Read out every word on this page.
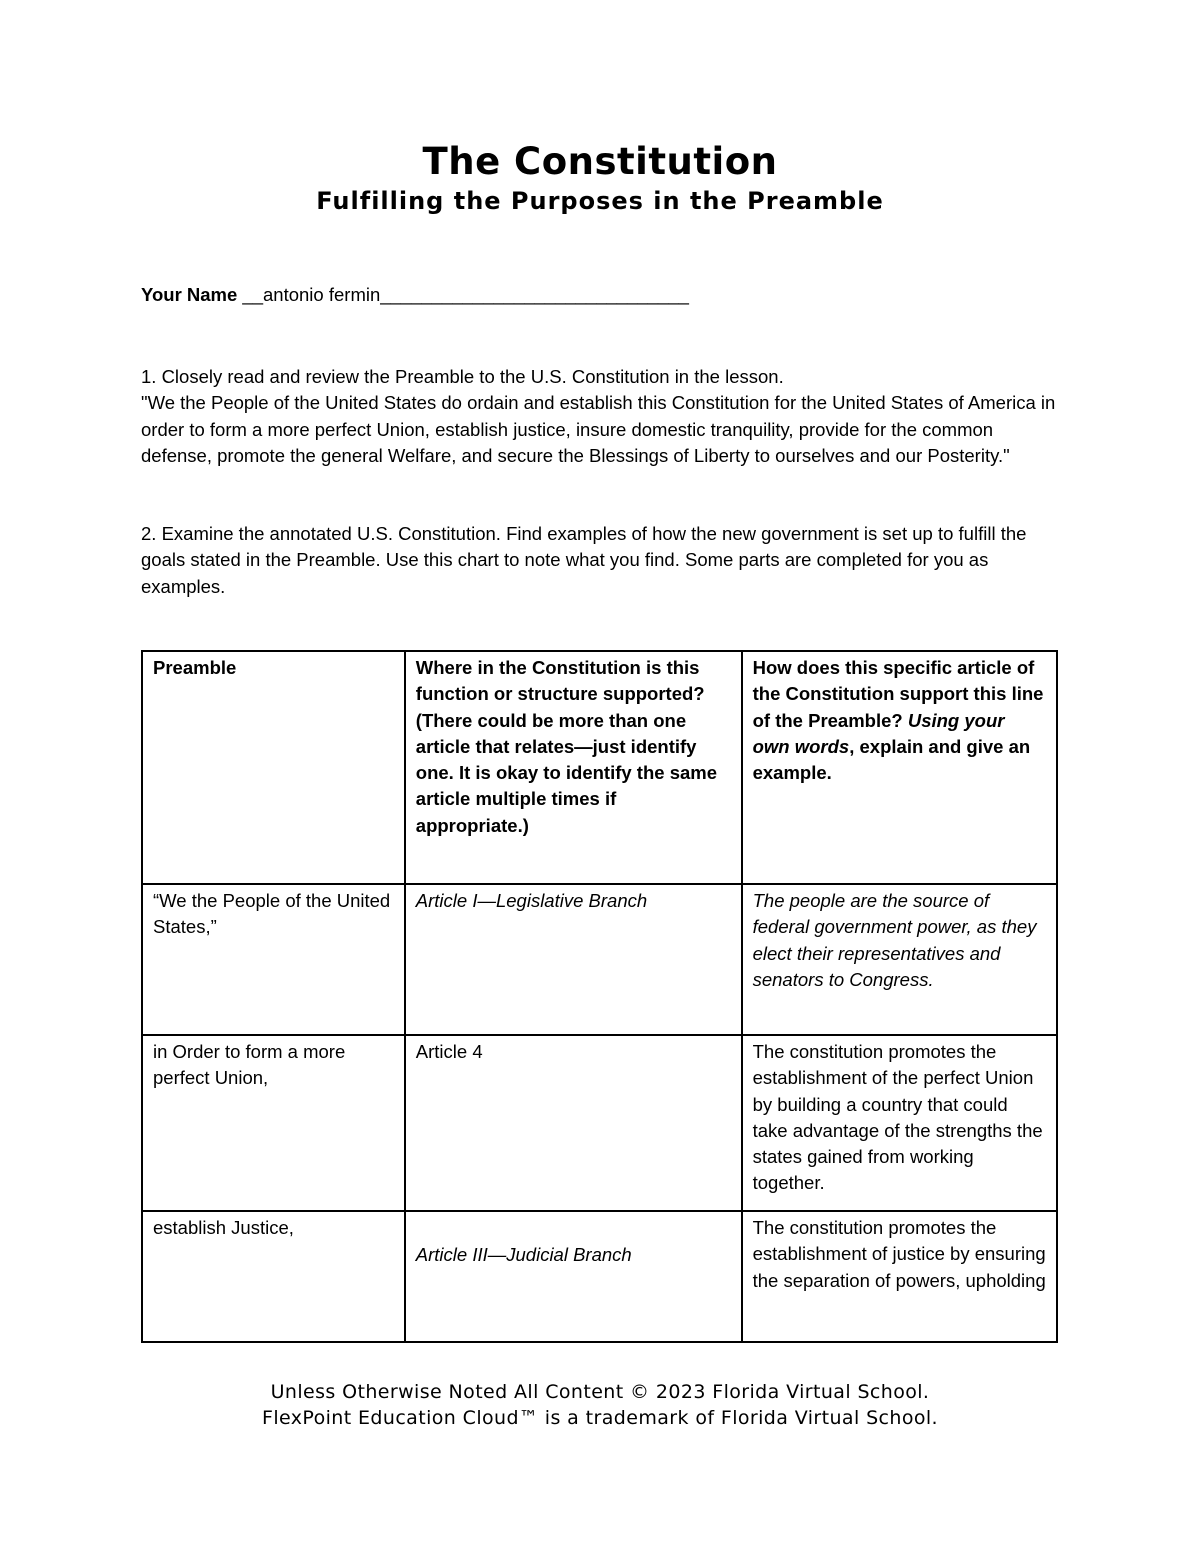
The Constitution
Fulfilling the Purposes in the Preamble
Your Name __antonio fermin______________________________

1. Closely read and review the Preamble to the U.S. Constitution in the lesson.

"We the People of the United States do ordain and establish this Constitution for the United States of America in order to form a more perfect Union, establish justice, insure domestic tranquility, provide for the common defense, promote the general Welfare, and secure the Blessings of Liberty to ourselves and our Posterity."

2. Examine the annotated U.S. Constitution. Find examples of how the new government is set up to fulfill the goals stated in the Preamble. Use this chart to note what you find. Some parts are completed for you as examples.

Preamble	Where in the Constitution is this function or structure supported? (There could be more than one article that relates—just identify one. It is okay to identify the same article multiple times if appropriate.)	How does this specific article of the Constitution support this line of the Preamble? Using your own words, explain and give an example.
“We the People of the United States,”	Article I—Legislative Branch	The people are the source of federal government power, as they elect their representatives and senators to Congress.
in Order to form a more perfect Union,	Article 4	The constitution promotes the establishment of the perfect Union by building a country that could take advantage of the strengths the states gained from working together.
establish Justice,	Article III—Judicial Branch	The constitution promotes the establishment of justice by ensuring
the separation of powers, upholding
Unless Otherwise Noted All Content © 2023 Florida Virtual School.
FlexPoint Education Cloud™ is a trademark of Florida Virtual School.
